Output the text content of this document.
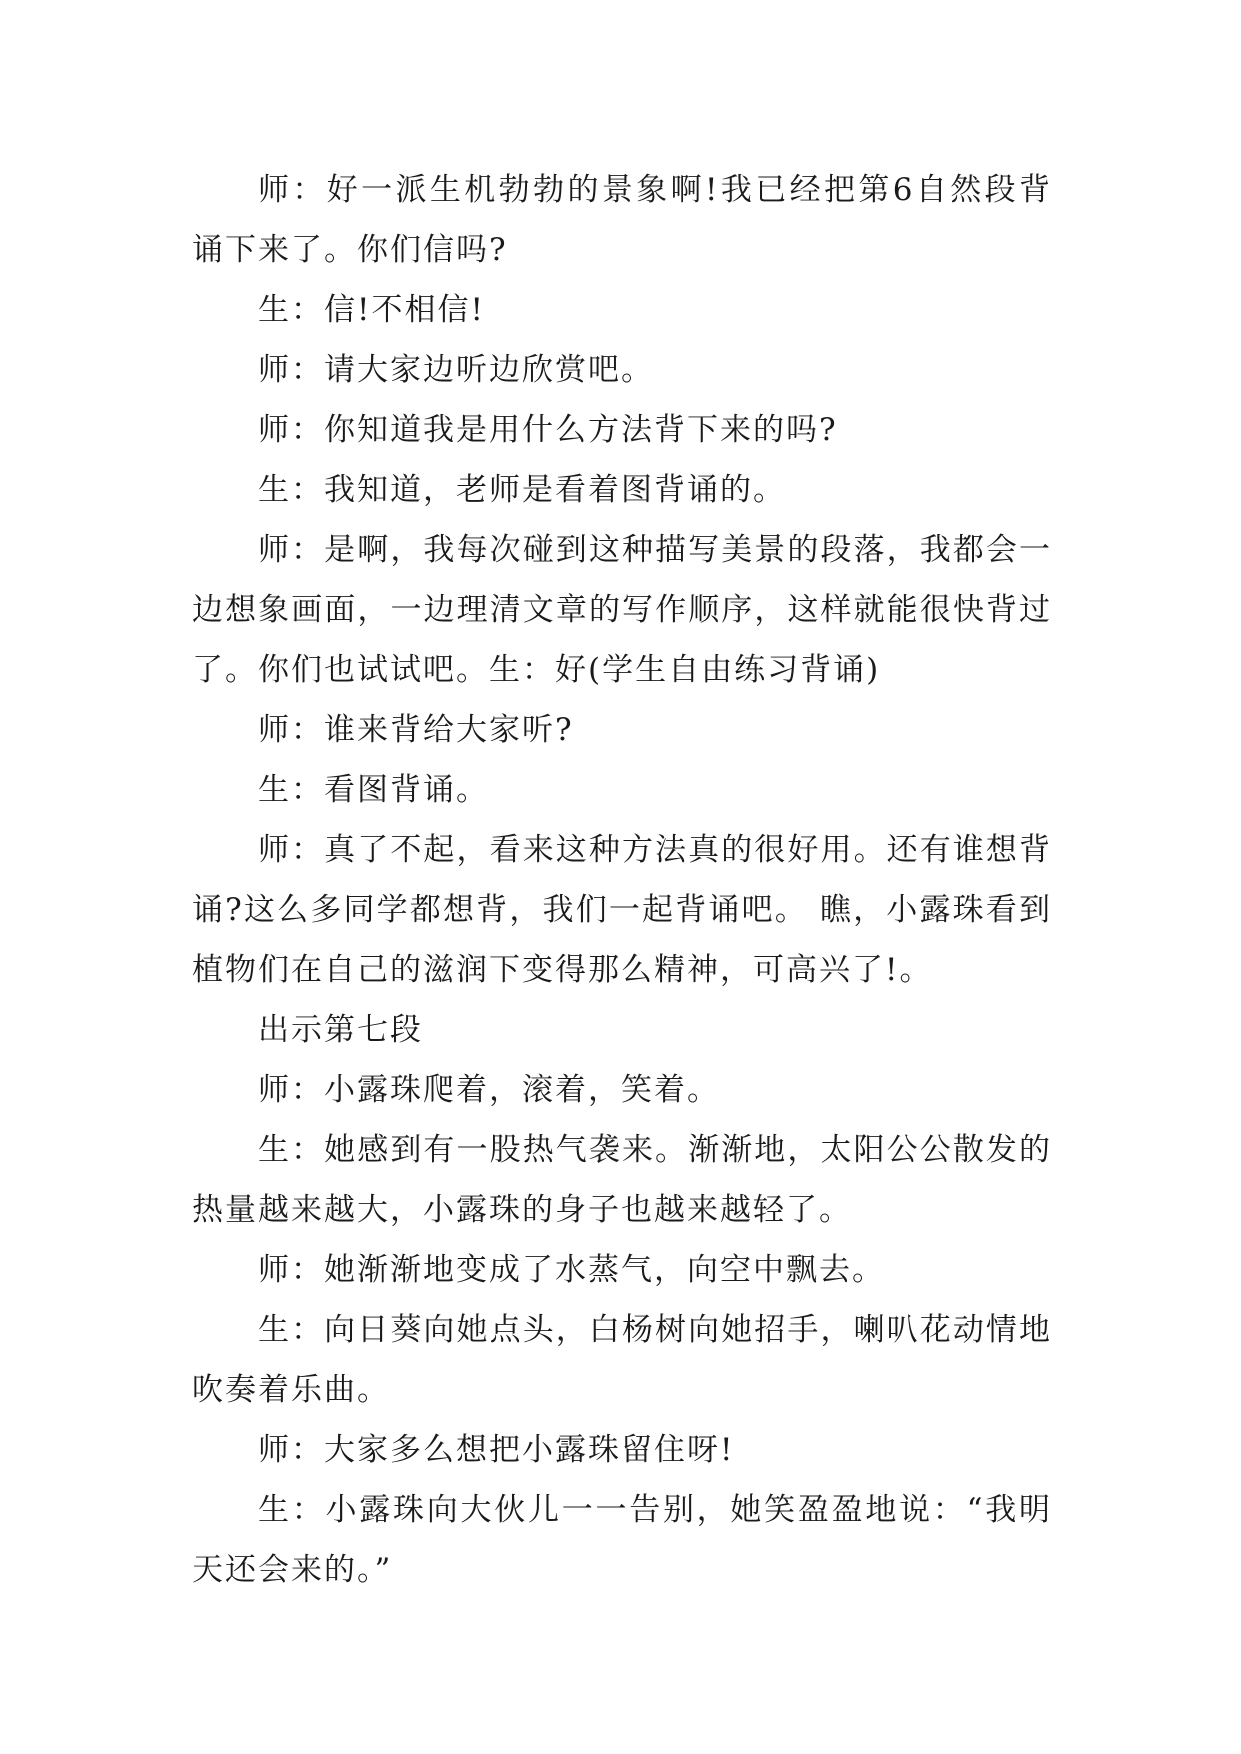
师：好一派生机勃勃的景象啊!我已经把第6自然段背诵下来了。你们信吗?

生：信!不相信!

师：请大家边听边欣赏吧。

师：你知道我是用什么方法背下来的吗?

生：我知道，老师是看着图背诵的。

师：是啊，我每次碰到这种描写美景的段落，我都会一边想象画面，一边理清文章的写作顺序，这样就能很快背过了。你们也试试吧。生：好(学生自由练习背诵)

师：谁来背给大家听?

生：看图背诵。

师：真了不起，看来这种方法真的很好用。还有谁想背诵?这么多同学都想背，我们一起背诵吧。 瞧，小露珠看到植物们在自己的滋润下变得那么精神，可高兴了!。

出示第七段

师：小露珠爬着，滚着，笑着。

生：她感到有一股热气袭来。渐渐地，太阳公公散发的热量越来越大，小露珠的身子也越来越轻了。

师：她渐渐地变成了水蒸气，向空中飘去。

生：向日葵向她点头，白杨树向她招手，喇叭花动情地吹奏着乐曲。

师：大家多么想把小露珠留住呀!

生：小露珠向大伙儿一一告别，她笑盈盈地说：“我明天还会来的。”
